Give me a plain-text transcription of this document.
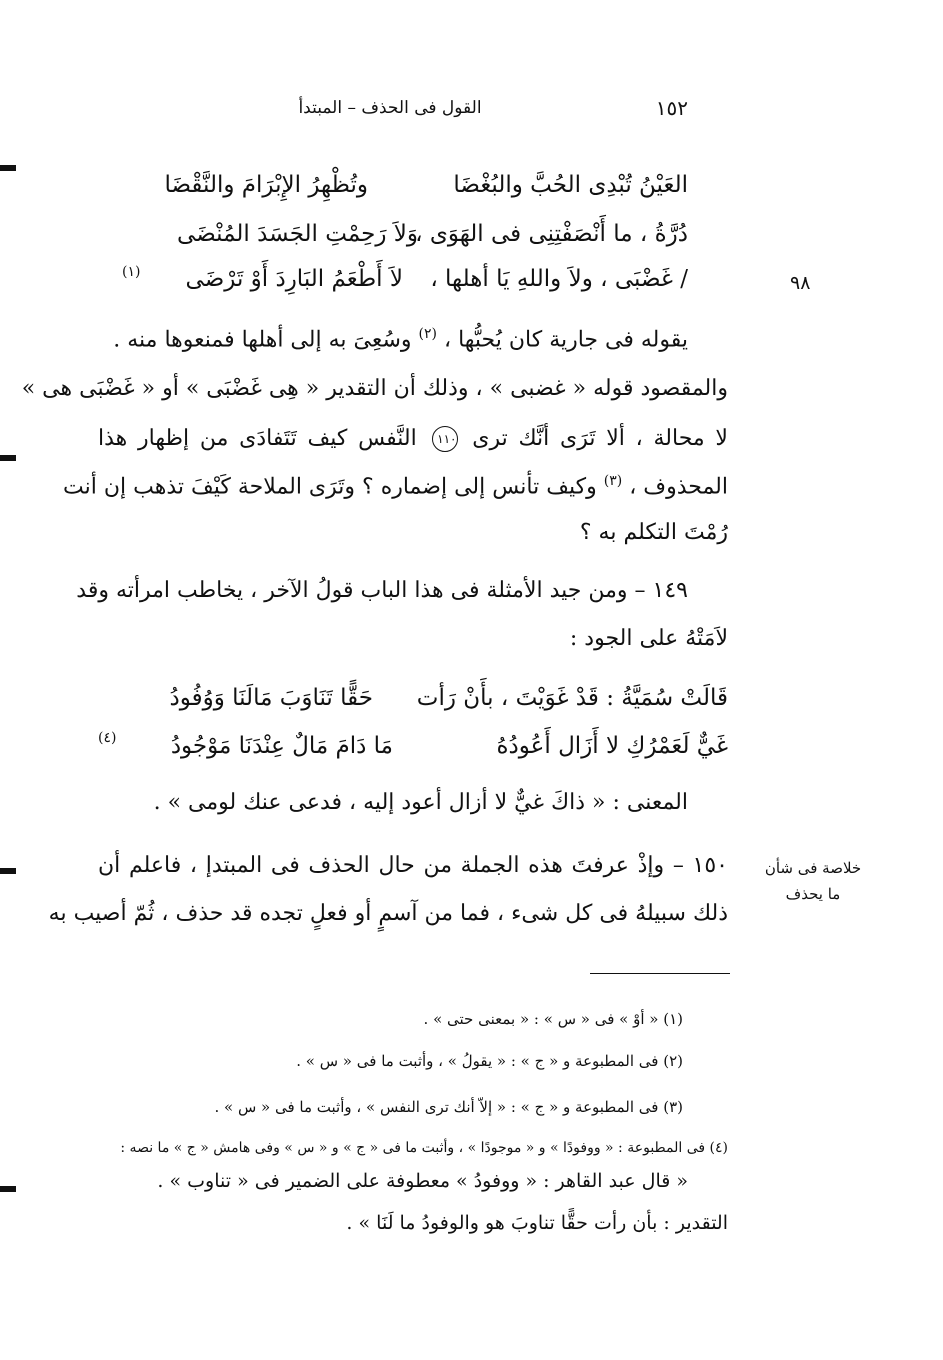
القول فى الحذف – المبتدأ	١٥٢
٩٨
خلاصة فى شأن
ما يحذف
العَيْنُ تُبْدِى الحُبَّ والبُغْضَا
وتُظْهِرُ الإِبْرَامَ والنَّقْضَا
دُرَّةُ ، ما أَنْصَفْتِنِى فى الهَوَى ،
وَلاَ رَحِمْتِ الجَسَدَ المُنْضَى
/ غَضْبَى ، ولاَ واللهِ يَا أهلها ،
لاَ أَطْعَمُ البَارِدَ أَوْ تَرْضَى
(١)
يقوله فى جارية كان يُحبُّها ، $^{(٢)}$ وسُعِىَ به إلى أهلها فمنعوها منه .
والمقصود قوله « غضبى » ، وذلك أن التقدير « هِى غَضْبَى » أو « غَضْبَى هى »
لا محالة ، ألا تَرَى أنَّك ترى ١١٠ النَّفس كيف تَتَفادَى من إظهار هذا
المحذوف ، $^{(٣)}$ وكيف تأنس إلى إضماره ؟ وتَرَى الملاحة كَيْفَ تذهب إن أنت
رُمْتَ التكلم به ؟
١٤٩ – ومن جيد الأمثلة فى هذا الباب قولُ الآخر ، يخاطب امرأته وقد
لاَمَتْهُ على الجود :
قَالَتْ سُمَيَّةُ : قَدْ غَوَيْتَ ، بأَنْ رَأت
حَقًّا تَنَاوَبَ مَالَنَا وَوُفُودُ
غَيٌّ لَعَمْرُكِ لا أَزَال أَعُودُهُ
مَا دَامَ مَالٌ عِنْدَنَا مَوْجُودُ
(٤)
المعنى : « ذاكَ غيٌّ لا أزال أعود إليه ، فدعى عنك لومى » .
١٥٠ – وإذْ عرفتَ هذه الجملة من حال الحذف فى المبتدإ ، فاعلم أن
ذلك سبيلهُ فى كل شىء ، فما من آسمٍ أو فعلٍ تجده قد حذف ، ثُمّ أصيب به
(١) « أوْ » فى « س » : « بمعنى حتى » .
(٢) فى المطبوعة و « ج » : « يقولُ » ، وأثبت ما فى « س » .
(٣) فى المطبوعة و « ج » : « إلاّ أنك ترى النفس » ، وأثبت ما فى « س » .
(٤) فى المطبوعة : « ووفودًا » و « موجودًا » ، وأثبت ما فى « ج » و « س » وفى هامش « ج » ما نصه :
« قال عبد القاهر : « ووفودُ » معطوفة على الضمير فى « تناوب » .
التقدير : بأن رأت حقًّا تناوبَ هو والوفودُ ما لَنَا » .
